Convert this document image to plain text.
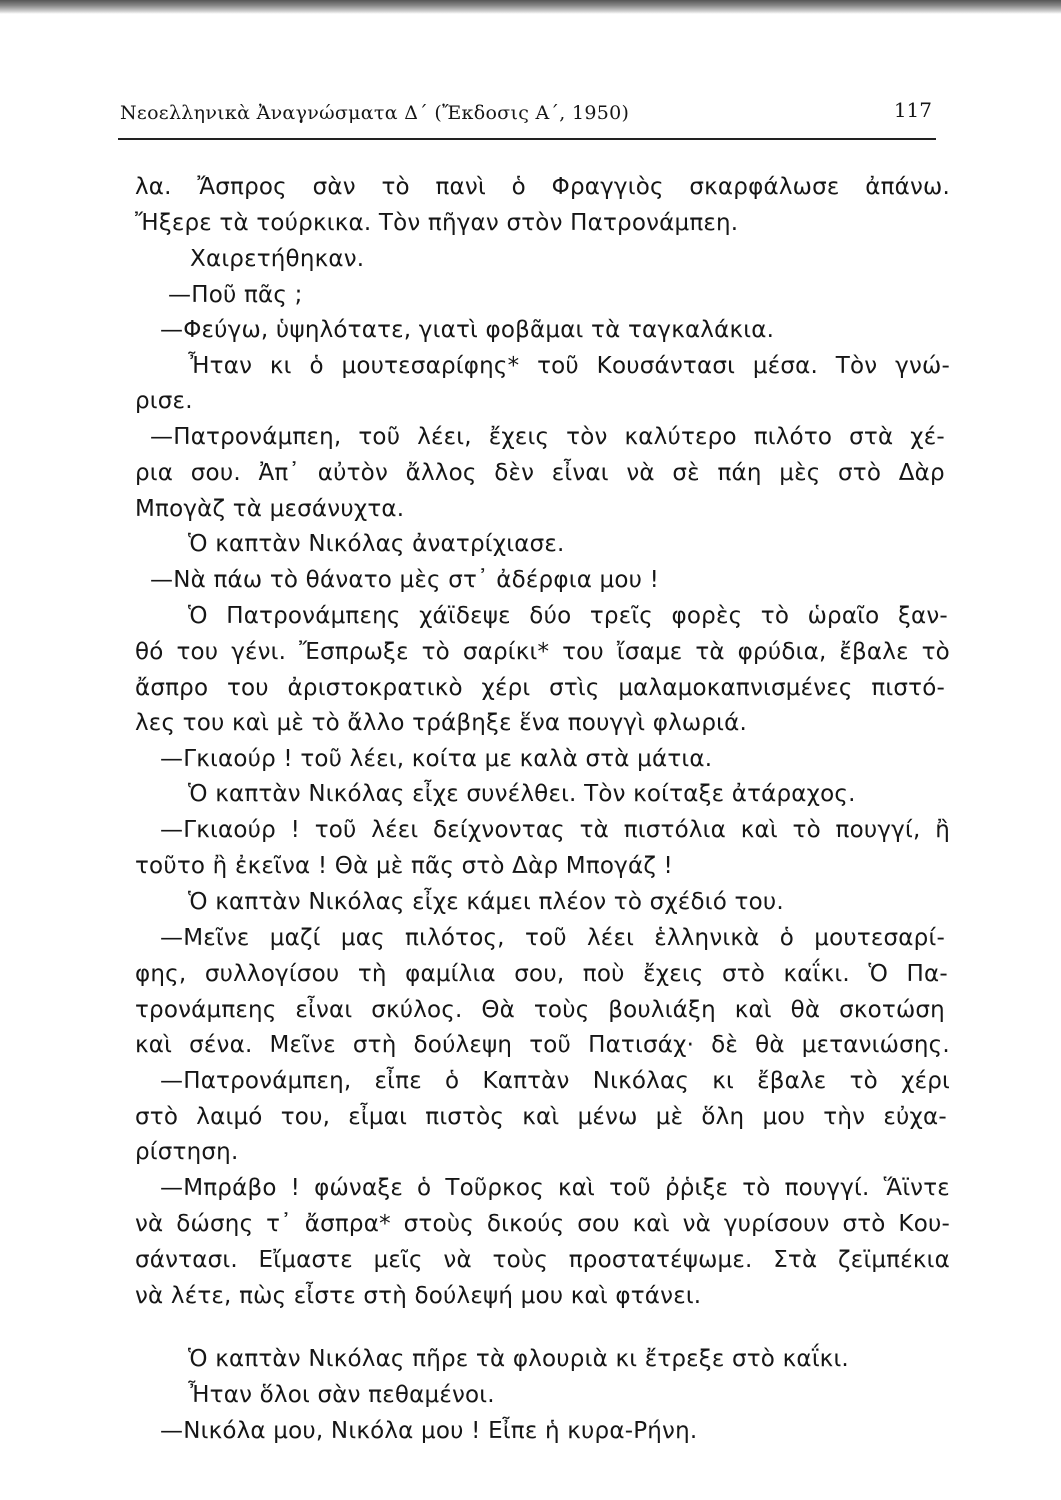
Νεοελληνικὰ Ἀναγνώσματα Δ΄ (Ἔκδοσις Α΄, 1950)	117
λα. Ἄσπρος σὰν τὸ πανὶ ὁ Φραγγιὸς σκαρφάλωσε ἀπάνω.
Ἤξερε τὰ τούρκικα. Τὸν πῆγαν στὸν Πατρονάμπεη.
Χαιρετήθηκαν.
—Ποῦ πᾶς ;
—Φεύγω, ὑψηλότατε, γιατὶ φοβᾶμαι τὰ ταγκαλάκια.
Ἦταν κι ὁ μουτεσαρίφης* τοῦ Κουσάντασι μέσα. Τὸν γνώ-
ρισε.
—Πατρονάμπεη, τοῦ λέει, ἔχεις τὸν καλύτερο πιλότο στὰ χέ-
ρια σου. Ἀπ᾿ αὐτὸν ἄλλος δὲν εἶναι νὰ σὲ πάη μὲς στὸ Δὰρ
Μπογὰζ τὰ μεσάνυχτα.
Ὁ καπτὰν Νικόλας ἀνατρίχιασε.
—Νὰ πάω τὸ θάνατο μὲς στ᾿ ἀδέρφια μου !
Ὁ Πατρονάμπεης χάϊδεψε δύο τρεῖς φορὲς τὸ ὡραῖο ξαν-
θό του γένι. Ἔσπρωξε τὸ σαρίκι* του ἴσαμε τὰ φρύδια, ἔβαλε τὸ
ἄσπρο του ἀριστοκρατικὸ χέρι στὶς μαλαμοκαπνισμένες πιστό-
λες του καὶ μὲ τὸ ἄλλο τράβηξε ἕνα πουγγὶ φλωριά.
—Γκιαούρ ! τοῦ λέει, κοίτα με καλὰ στὰ μάτια.
Ὁ καπτὰν Νικόλας εἶχε συνέλθει. Τὸν κοίταξε ἀτάραχος.
—Γκιαούρ ! τοῦ λέει δείχνοντας τὰ πιστόλια καὶ τὸ πουγγί, ἢ
τοῦτο ἢ ἐκεῖνα ! Θὰ μὲ πᾶς στὸ Δὰρ Μπογάζ !
Ὁ καπτὰν Νικόλας εἶχε κάμει πλέον τὸ σχέδιό του.
—Μεῖνε μαζί μας πιλότος, τοῦ λέει ἑλληνικὰ ὁ μουτεσαρί-
φης, συλλογίσου τὴ φαμίλια σου, ποὺ ἔχεις στὸ καΐκι. Ὁ Πα-
τρονάμπεης εἶναι σκύλος. Θὰ τοὺς βουλιάξη καὶ θὰ σκοτώση
καὶ σένα. Μεῖνε στὴ δούλεψη τοῦ Πατισάχ· δὲ θὰ μετανιώσης.
—Πατρονάμπεη, εἶπε ὁ Καπτὰν Νικόλας κι ἔβαλε τὸ χέρι
στὸ λαιμό του, εἶμαι πιστὸς καὶ μένω μὲ ὅλη μου τὴν εὐχα-
ρίστηση.
—Μπράβο ! φώναξε ὁ Τοῦρκος καὶ τοῦ ῤῥιξε τὸ πουγγί. Ἅϊντε
νὰ δώσης τ᾿ ἄσπρα* στοὺς δικούς σου καὶ νὰ γυρίσουν στὸ Κου-
σάντασι. Εἴμαστε μεῖς νὰ τοὺς προστατέψωμε. Στὰ ζεϊμπέκια
νὰ λέτε, πὼς εἶστε στὴ δούλεψή μου καὶ φτάνει.
Ὁ καπτὰν Νικόλας πῆρε τὰ φλουριὰ κι ἔτρεξε στὸ καΐκι.
Ἦταν ὅλοι σὰν πεθαμένοι.
—Νικόλα μου, Νικόλα μου ! Εἶπε ἡ κυρα-Ρήνη.
